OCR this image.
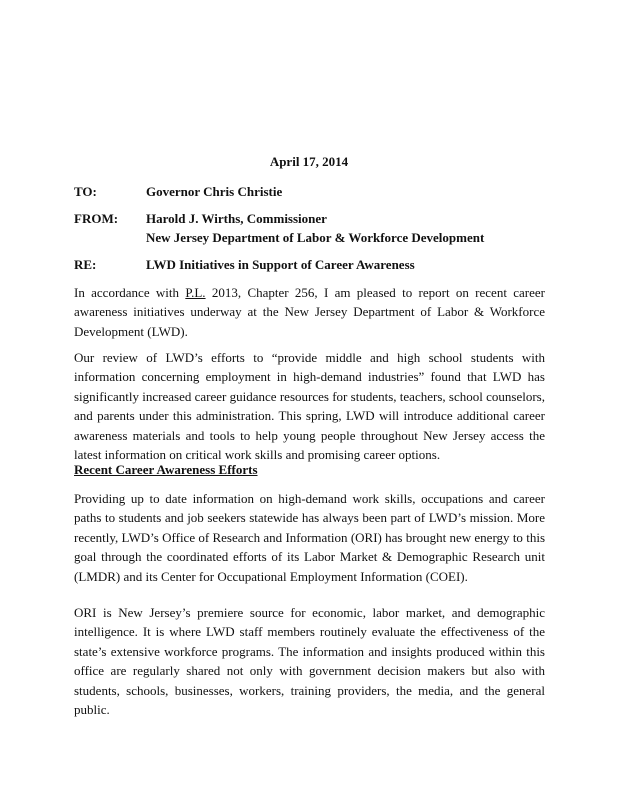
April 17, 2014
TO:	Governor Chris Christie
FROM:	Harold J. Wirths, Commissioner
New Jersey Department of Labor & Workforce Development
RE:	LWD Initiatives in Support of Career Awareness

In accordance with P.L. 2013, Chapter 256, I am pleased to report on recent career awareness initiatives underway at the New Jersey Department of Labor & Workforce Development (LWD).

Our review of LWD’s efforts to “provide middle and high school students with information concerning employment in high-demand industries” found that LWD has significantly increased career guidance resources for students, teachers, school counselors, and parents under this administration. This spring, LWD will introduce additional career awareness materials and tools to help young people throughout New Jersey access the latest information on critical work skills and promising career options.

Recent Career Awareness Efforts

Providing up to date information on high-demand work skills, occupations and career paths to students and job seekers statewide has always been part of LWD’s mission. More recently, LWD’s Office of Research and Information (ORI) has brought new energy to this goal through the coordinated efforts of its Labor Market & Demographic Research unit (LMDR) and its Center for Occupational Employment Information (COEI).

ORI is New Jersey’s premiere source for economic, labor market, and demographic intelligence. It is where LWD staff members routinely evaluate the effectiveness of the state’s extensive workforce programs. The information and insights produced within this office are regularly shared not only with government decision makers but also with students, schools, businesses, workers, training providers, the media, and the general public.
